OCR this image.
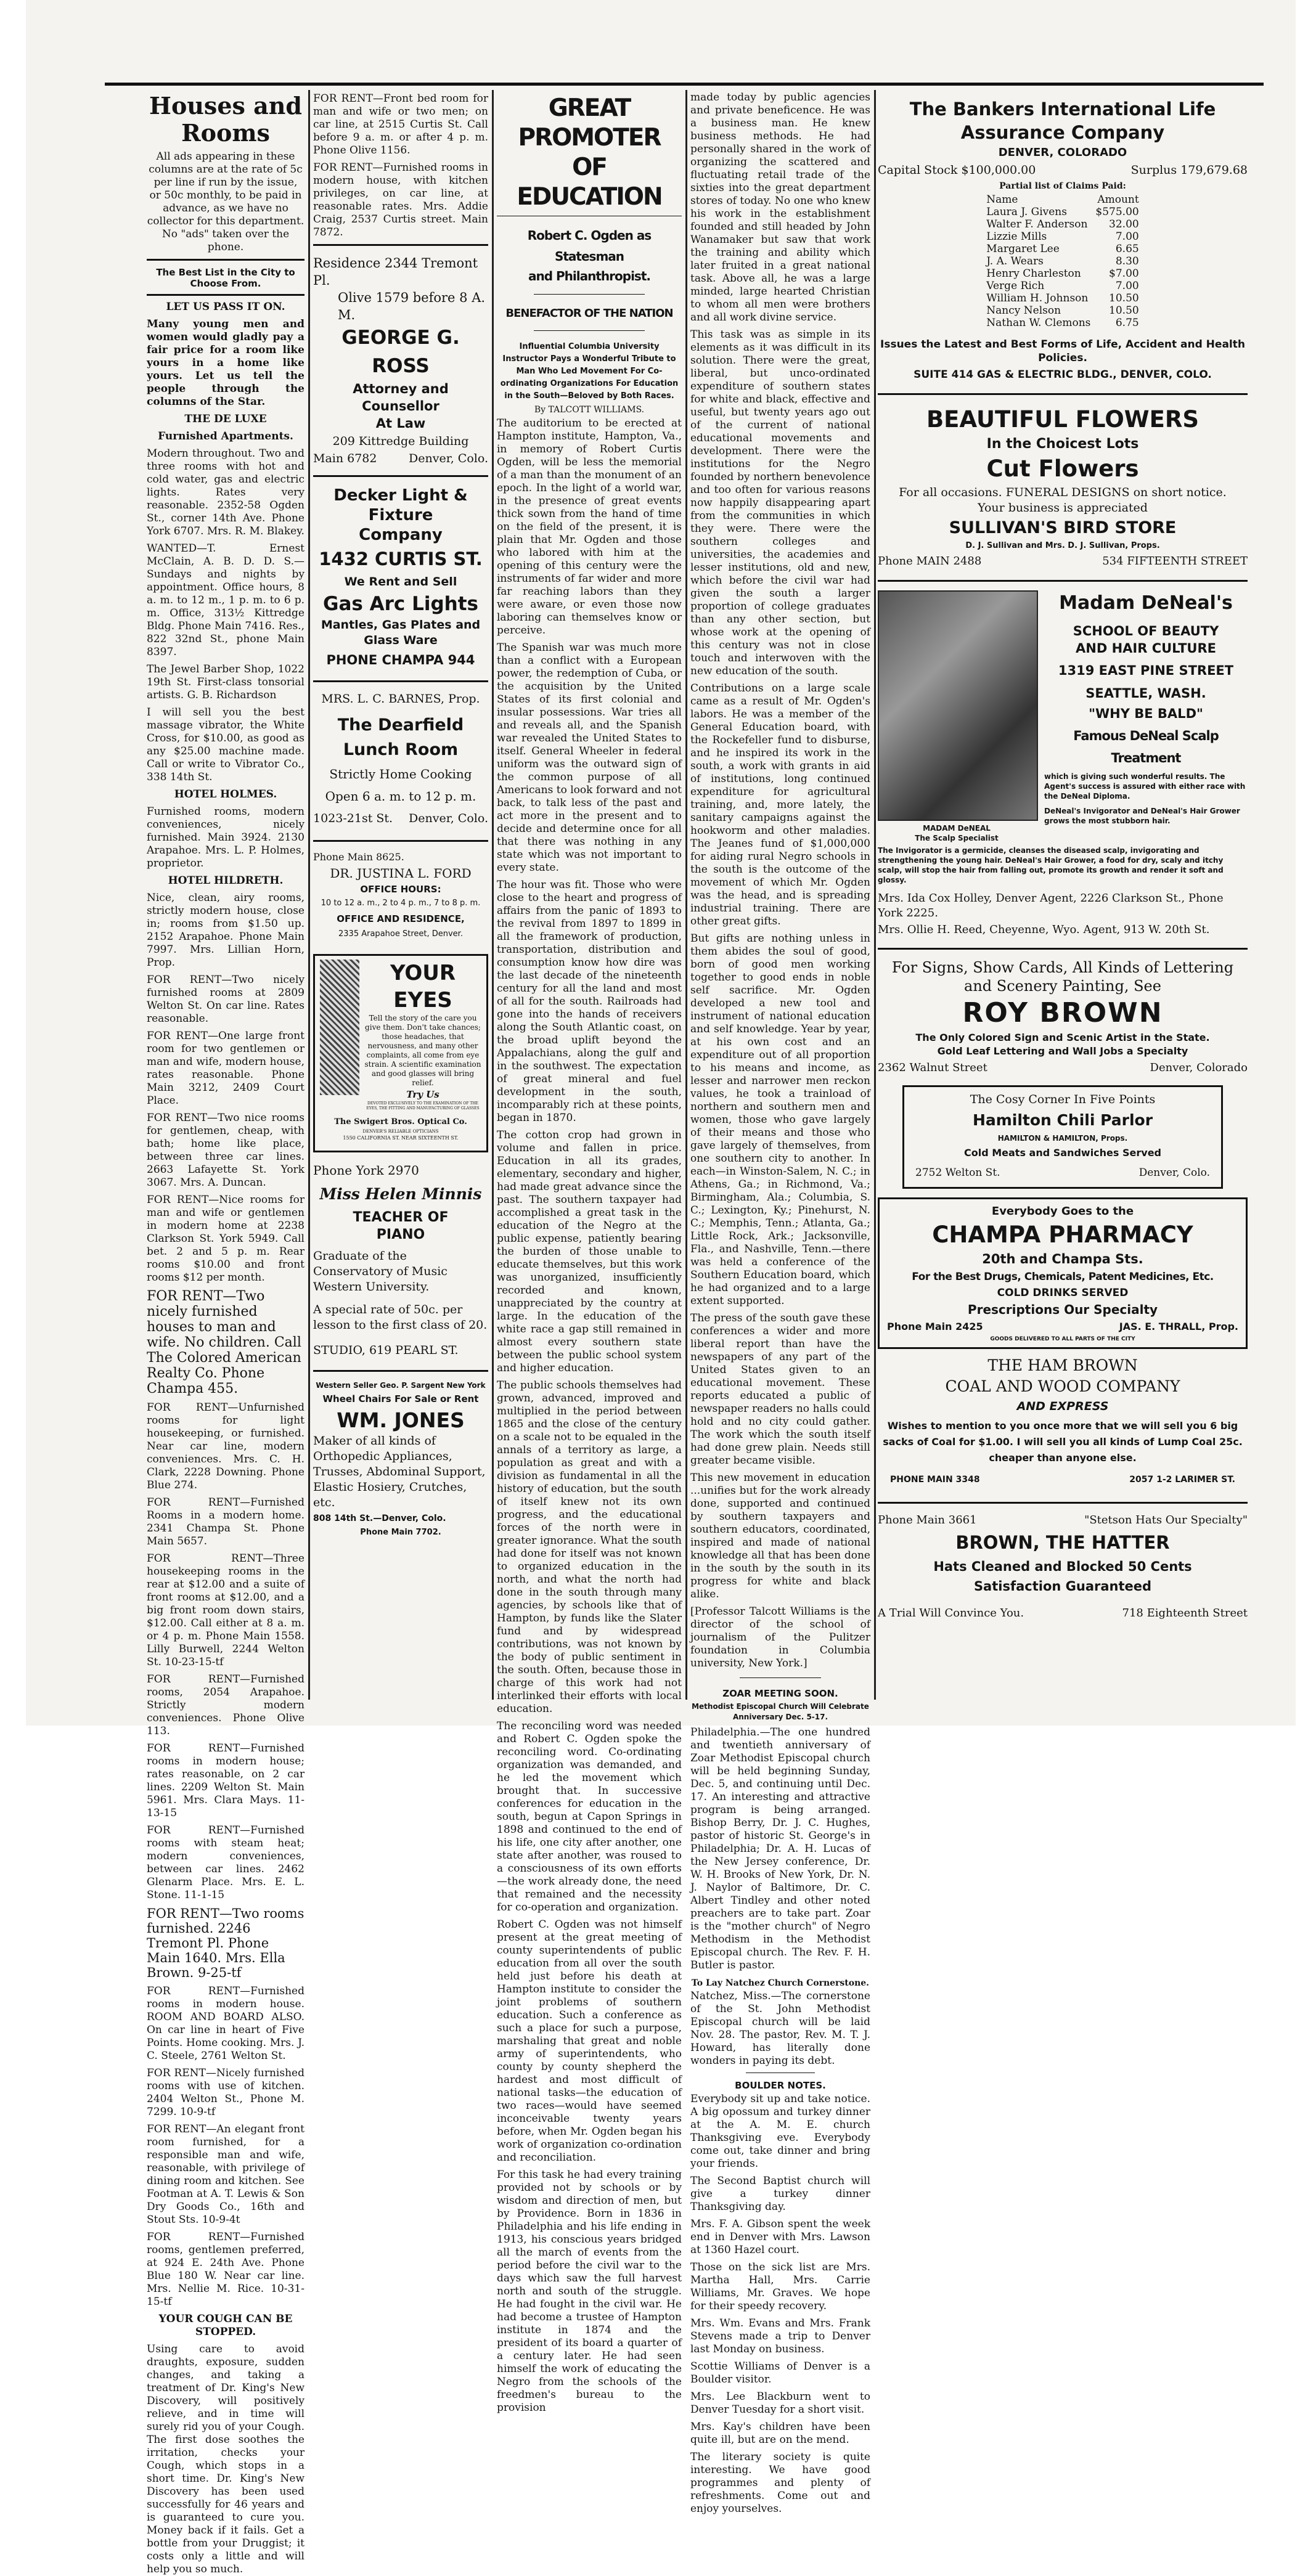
Houses and Rooms

All ads appearing in these columns are at the rate of 5c per line if run by the issue, or 50c monthly, to be paid in advance, as we have no collector for this department. No "ads" taken over the phone.

The Best List in the City to Choose From.

LET US PASS IT ON.

Many young men and women would gladly pay a fair price for a room like yours in a home like yours. Let us tell the people through the columns of the Star.

THE DE LUXE

Furnished Apartments.

Modern throughout. Two and three rooms with hot and cold water, gas and electric lights. Rates very reasonable. 2352-58 Ogden St., corner 14th Ave. Phone York 6707. Mrs. R. M. Blakey.

WANTED—T. Ernest McClain, A. B. D. D. S.—Sundays and nights by appointment. Office hours, 8 a. m. to 12 m., 1 p. m. to 6 p. m. Office, 313½ Kittredge Bldg. Phone Main 7416. Res., 822 32nd St., phone Main 8397.

The Jewel Barber Shop, 1022 19th St. First-class tonsorial artists. G. B. Richardson

I will sell you the best massage vibrator, the White Cross, for $10.00, as good as any $25.00 machine made. Call or write to Vibrator Co., 338 14th St.

HOTEL HOLMES.

Furnished rooms, modern conveniences, nicely furnished. Main 3924. 2130 Arapahoe. Mrs. L. P. Holmes, proprietor.

HOTEL HILDRETH.

Nice, clean, airy rooms, strictly modern house, close in; rooms from $1.50 up. 2152 Arapahoe. Phone Main 7997. Mrs. Lillian Horn, Prop.

FOR RENT—Two nicely furnished rooms at 2809 Welton St. On car line. Rates reasonable.

FOR RENT—One large front room for two gentlemen or man and wife, modern house, rates reasonable. Phone Main 3212, 2409 Court Place.

FOR RENT—Two nice rooms for gentlemen, cheap, with bath; home like place, between three car lines. 2663 Lafayette St. York 3067. Mrs. A. Duncan.

FOR RENT—Nice rooms for man and wife or gentlemen in modern home at 2238 Clarkson St. York 5949. Call bet. 2 and 5 p. m. Rear rooms $10.00 and front rooms $12 per month.

FOR RENT—Two nicely furnished houses to man and wife. No children. Call The Colored American Realty Co. Phone Champa 455.

FOR RENT—Unfurnished rooms for light housekeeping, or furnished. Near car line, modern conveniences. Mrs. C. H. Clark, 2228 Downing. Phone Blue 274.

FOR RENT—Furnished Rooms in a modern home. 2341 Champa St. Phone Main 5657.

FOR RENT—Three housekeeping rooms in the rear at $12.00 and a suite of front rooms at $12.00, and a big front room down stairs, $12.00. Call either at 8 a. m. or 4 p. m. Phone Main 1558. Lilly Burwell, 2244 Welton St. 10-23-15-tf

FOR RENT—Furnished rooms, 2054 Arapahoe. Strictly modern conveniences. Phone Olive 113.

FOR RENT—Furnished rooms in modern house; rates reasonable, on 2 car lines. 2209 Welton St. Main 5961. Mrs. Clara Mays. 11-13-15

FOR RENT—Furnished rooms with steam heat; modern conveniences, between car lines. 2462 Glenarm Place. Mrs. E. L. Stone. 11-1-15

FOR RENT—Two rooms furnished. 2246 Tremont Pl. Phone Main 1640. Mrs. Ella Brown. 9-25-tf

FOR RENT—Furnished rooms in modern house. ROOM AND BOARD ALSO. On car line in heart of Five Points. Home cooking. Mrs. J. C. Steele, 2761 Welton St.

FOR RENT—Nicely furnished rooms with use of kitchen. 2404 Welton St., Phone M. 7299. 10-9-tf

FOR RENT—An elegant front room furnished, for a responsible man and wife, reasonable, with privilege of dining room and kitchen. See Footman at A. T. Lewis & Son Dry Goods Co., 16th and Stout Sts. 10-9-4t

FOR RENT—Furnished rooms, gentlemen preferred, at 924 E. 24th Ave. Phone Blue 180 W. Near car line. Mrs. Nellie M. Rice. 10-31-15-tf

YOUR COUGH CAN BE STOPPED.

Using care to avoid draughts, exposure, sudden changes, and taking a treatment of Dr. King's New Discovery, will positively relieve, and in time will surely rid you of your Cough. The first dose soothes the irritation, checks your Cough, which stops in a short time. Dr. King's New Discovery has been used successfully for 46 years and is guaranteed to cure you. Money back if it fails. Get a bottle from your Druggist; it costs only a little and will help you so much.

FOR RENT—Front bed room for man and wife or two men; on car line, at 2515 Curtis St. Call before 9 a. m. or after 4 p. m. Phone Olive 1156.

FOR RENT—Furnished rooms in modern house, with kitchen privileges, on car line, at reasonable rates. Mrs. Addie Craig, 2537 Curtis street. Main 7872.

Residence 2344 Tremont Pl.

Olive 1579 before 8 A. M.

GEORGE G. ROSS

Attorney and Counsellor

At Law

209 Kittredge Building

Main 6782	Denver, Colo.

Decker Light & Fixture

Company

1432 CURTIS ST.

We Rent and Sell

Gas Arc Lights

Mantles, Gas Plates and

Glass Ware

PHONE CHAMPA 944

MRS. L. C. BARNES, Prop.

The Dearfield

Lunch Room

Strictly Home Cooking

Open 6 a. m. to 12 p. m.

1023-21st St. Denver, Colo.

Phone Main 8625.

DR. JUSTINA L. FORD

OFFICE HOURS:

10 to 12 a. m., 2 to 4 p. m., 7 to 8 p. m.

OFFICE AND RESIDENCE,

2335 Arapahoe Street, Denver.

YOUR EYES

Tell the story of the care you give them. Don't take chances; those headaches, that nervousness, and many other complaints, all come from eye strain. A scientific examination and good glasses will bring relief.

Try Us

DEVOTED EXCLUSIVELY TO THE EXAMINATION OF THE EYES, THE FITTING AND MANUFACTURING OF GLASSES

The Swigert Bros. Optical Co.

DENVER'S RELIABLE OPTICIANS

1550 CALIFORNIA ST. NEAR SIXTEENTH ST.

Phone York 2970

Miss Helen Minnis

TEACHER OF

PIANO

Graduate of the Conservatory of Music Western University.

A special rate of 50c. per lesson to the first class of 20.

STUDIO, 619 PEARL ST.

Western Seller Geo. P. Sargent New York

Wheel Chairs For Sale or Rent

WM. JONES

Maker of all kinds of Orthopedic Appliances, Trusses, Abdominal Support, Elastic Hosiery, Crutches, etc.

808 14th St.—Denver, Colo.

Phone Main 7702.

GREAT PROMOTER

OF EDUCATION

Robert C. Ogden as Statesman

and Philanthropist.

BENEFACTOR OF THE NATION

Influential Columbia University Instructor Pays a Wonderful Tribute to Man Who Led Movement For Co-ordinating Organizations For Education in the South—Beloved by Both Races.

By TALCOTT WILLIAMS.

The auditorium to be erected at Hampton institute, Hampton, Va., in memory of Robert Curtis Ogden, will be less the memorial of a man than the monument of an epoch. In the light of a world war, in the presence of great events thick sown from the hand of time on the field of the present, it is plain that Mr. Ogden and those who labored with him at the opening of this century were the instruments of far wider and more far reaching labors than they were aware, or even those now laboring can themselves know or perceive.

The Spanish war was much more than a conflict with a European power, the redemption of Cuba, or the acquisition by the United States of its first colonial and insular possessions. War tries all and reveals all, and the Spanish war revealed the United States to itself. General Wheeler in federal uniform was the outward sign of the common purpose of all Americans to look forward and not back, to talk less of the past and act more in the present and to decide and determine once for all that there was nothing in any state which was not important to every state.

The hour was fit. Those who were close to the heart and progress of affairs from the panic of 1893 to the revival from 1897 to 1899 in all the framework of production, transportation, distribution and consumption know how dire was the last decade of the nineteenth century for all the land and most of all for the south. Railroads had gone into the hands of receivers along the South Atlantic coast, on the broad uplift beyond the Appalachians, along the gulf and in the southwest. The expectation of great mineral and fuel development in the south, incomparably rich at these points, began in 1870.

The cotton crop had grown in volume and fallen in price. Education in all its grades, elementary, secondary and higher, had made great advance since the past. The southern taxpayer had accomplished a great task in the education of the Negro at the public expense, patiently bearing the burden of those unable to educate themselves, but this work was unorganized, insufficiently recorded and known, unappreciated by the country at large. In the education of the white race a gap still remained in almost every southern state between the public school system and higher education.

The public schools themselves had grown, advanced, improved and multiplied in the period between 1865 and the close of the century on a scale not to be equaled in the annals of a territory as large, a population as great and with a division as fundamental in all the history of education, but the south of itself knew not its own progress, and the educational forces of the north were in greater ignorance. What the south had done for itself was not known to organized education in the north, and what the north had done in the south through many agencies, by schools like that of Hampton, by funds like the Slater fund and by widespread contributions, was not known by the body of public sentiment in the south. Often, because those in charge of this work had not interlinked their efforts with local education.

The reconciling word was needed and Robert C. Ogden spoke the reconciling word. Co-ordinating organization was demanded, and he led the movement which brought that. In successive conferences for education in the south, begun at Capon Springs in 1898 and continued to the end of his life, one city after another, one state after another, was roused to a consciousness of its own efforts—the work already done, the need that remained and the necessity for co-operation and organization.

Robert C. Ogden was not himself present at the great meeting of county superintendents of public education from all over the south held just before his death at Hampton institute to consider the joint problems of southern education. Such a conference as such a place for such a purpose, marshaling that great and noble army of superintendents, who county by county shepherd the hardest and most difficult of national tasks—the education of two races—would have seemed inconceivable twenty years before, when Mr. Ogden began his work of organization co-ordination and reconciliation.

For this task he had every training provided not by schools or by wisdom and direction of men, but by Providence. Born in 1836 in Philadelphia and his life ending in 1913, his conscious years bridged all the march of events from the period before the civil war to the days which saw the full harvest north and south of the struggle. He had fought in the civil war. He had become a trustee of Hampton institute in 1874 and the president of its board a quarter of a century later. He had seen himself the work of educating the Negro from the schools of the freedmen's bureau to the provision

made today by public agencies and private beneficence. He was a business man. He knew business methods. He had personally shared in the work of organizing the scattered and fluctuating retail trade of the sixties into the great department stores of today. No one who knew his work in the establishment founded and still headed by John Wanamaker but saw that work the training and ability which later fruited in a great national task. Above all, he was a large minded, large hearted Christian to whom all men were brothers and all work divine service.

This task was as simple in its elements as it was difficult in its solution. There were the great, liberal, but unco-ordinated expenditure of southern states for white and black, effective and useful, but twenty years ago out of the current of national educational movements and development. There were the institutions for the Negro founded by northern benevolence and too often for various reasons now happily disappearing apart from the communities in which they were. There were the southern colleges and universities, the academies and lesser institutions, old and new, which before the civil war had given the south a larger proportion of college graduates than any other section, but whose work at the opening of this century was not in close touch and interwoven with the new education of the south.

Contributions on a large scale came as a result of Mr. Ogden's labors. He was a member of the General Education board, with the Rockefeller fund to disburse, and he inspired its work in the south, a work with grants in aid of institutions, long continued expenditure for agricultural training, and, more lately, the sanitary campaigns against the hookworm and other maladies. The Jeanes fund of $1,000,000 for aiding rural Negro schools in the south is the outcome of the movement of which Mr. Ogden was the head, and is spreading industrial training. There are other great gifts.

But gifts are nothing unless in them abides the soul of good, born of good men working together to good ends in noble self sacrifice. Mr. Ogden developed a new tool and instrument of national education and self knowledge. Year by year, at his own cost and an expenditure out of all proportion to his means and income, as lesser and narrower men reckon values, he took a trainload of northern and southern men and women, those who gave largely of their means and those who gave largely of themselves, from one southern city to another. In each—in Winston-Salem, N. C.; in Athens, Ga.; in Richmond, Va.; Birmingham, Ala.; Columbia, S. C.; Lexington, Ky.; Pinehurst, N. C.; Memphis, Tenn.; Atlanta, Ga.; Little Rock, Ark.; Jacksonville, Fla., and Nashville, Tenn.—there was held a conference of the Southern Education board, which he had organized and to a large extent supported.

The press of the south gave these conferences a wider and more liberal report than have the newspapers of any part of the United States given to an educational movement. These reports educated a public of newspaper readers no halls could hold and no city could gather. The work which the south itself had done grew plain. Needs still greater became visible.

This new movement in education ...unifies but for the work already done, supported and continued by southern taxpayers and southern educators, coordinated, inspired and made of national knowledge all that has been done in the south by the south in its progress for white and black alike.

[Professor Talcott Williams is the director of the school of journalism of the Pulitzer foundation in Columbia university, New York.]

ZOAR MEETING SOON.

Methodist Episcopal Church Will Celebrate Anniversary Dec. 5-17.

Philadelphia.—The one hundred and twentieth anniversary of Zoar Methodist Episcopal church will be held beginning Sunday, Dec. 5, and continuing until Dec. 17. An interesting and attractive program is being arranged. Bishop Berry, Dr. J. C. Hughes, pastor of historic St. George's in Philadelphia; Dr. A. H. Lucas of the New Jersey conference, Dr. W. H. Brooks of New York, Dr. N. J. Naylor of Baltimore, Dr. C. Albert Tindley and other noted preachers are to take part. Zoar is the "mother church" of Negro Methodism in the Methodist Episcopal church. The Rev. F. H. Butler is pastor.

To Lay Natchez Church Cornerstone.

Natchez, Miss.—The cornerstone of the St. John Methodist Episcopal church will be laid Nov. 28. The pastor, Rev. M. T. J. Howard, has literally done wonders in paying its debt.

BOULDER NOTES.

Everybody sit up and take notice. A big opossum and turkey dinner at the A. M. E. church Thanksgiving eve. Everybody come out, take dinner and bring your friends.

The Second Baptist church will give a turkey dinner Thanksgiving day.

Mrs. F. A. Gibson spent the week end in Denver with Mrs. Lawson at 1360 Hazel court.

Those on the sick list are Mrs. Martha Hall, Mrs. Carrie Williams, Mr. Graves. We hope for their speedy recovery.

Mrs. Wm. Evans and Mrs. Frank Stevens made a trip to Denver last Monday on business.

Scottie Williams of Denver is a Boulder visitor.

Mrs. Lee Blackburn went to Denver Tuesday for a short visit.

Mrs. Kay's children have been quite ill, but are on the mend.

The literary society is quite interesting. We have good programmes and plenty of refreshments. Come out and enjoy yourselves.

The Bankers International Life

Assurance Company

DENVER, COLORADO

Capital Stock $100,000.00	Surplus 179,679.68

Partial list of Claims Paid:

Name	Amount
Laura J. Givens	$575.00
Walter F. Anderson	32.00
Lizzie Mills	7.00
Margaret Lee	6.65
J. A. Wears	8.30
Henry Charleston	$7.00
Verge Rich	7.00
William H. Johnson	10.50
Nancy Nelson	10.50
Nathan W. Clemons	6.75

Issues the Latest and Best Forms of Life, Accident and Health Policies.

SUITE 414 GAS & ELECTRIC BLDG., DENVER, COLO.

BEAUTIFUL FLOWERS

In the Choicest Lots

Cut Flowers

For all occasions. FUNERAL DESIGNS on short notice.

Your business is appreciated

SULLIVAN'S BIRD STORE

D. J. Sullivan and Mrs. D. J. Sullivan, Props.

Phone MAIN 2488	534 FIFTEENTH STREET

MADAM DeNEAL

The Scalp Specialist

Madam DeNeal's

SCHOOL OF BEAUTY

AND HAIR CULTURE

1319 EAST PINE STREET

SEATTLE, WASH.

"WHY BE BALD"

Famous DeNeal Scalp Treatment

which is giving such wonderful results. The Agent's success is assured with either race with the DeNeal Diploma.

DeNeal's Invigorator and DeNeal's Hair Grower grows the most stubborn hair.

The Invigorator is a germicide, cleanses the diseased scalp, invigorating and strengthening the young hair. DeNeal's Hair Grower, a food for dry, scaly and itchy scalp, will stop the hair from falling out, promote its growth and render it soft and glossy.

Mrs. Ida Cox Holley, Denver Agent, 2226 Clarkson St., Phone York 2225.

Mrs. Ollie H. Reed, Cheyenne, Wyo. Agent, 913 W. 20th St.

For Signs, Show Cards, All Kinds of Lettering

and Scenery Painting, See

ROY BROWN

The Only Colored Sign and Scenic Artist in the State.

Gold Leaf Lettering and Wall Jobs a Specialty

2362 Walnut Street	Denver, Colorado

The Cosy Corner In Five Points

Hamilton Chili Parlor

HAMILTON & HAMILTON, Props.

Cold Meats and Sandwiches Served

2752 Welton St.	Denver, Colo.

Everybody Goes to the

CHAMPA PHARMACY

20th and Champa Sts.

For the Best Drugs, Chemicals, Patent Medicines, Etc.

COLD DRINKS SERVED

Prescriptions Our Specialty

Phone Main 2425	JAS. E. THRALL, Prop.

GOODS DELIVERED TO ALL PARTS OF THE CITY

THE HAM BROWN

COAL AND WOOD COMPANY

AND EXPRESS

Wishes to mention to you once more that we will sell you 6 big sacks of Coal for $1.00. I will sell you all kinds of Lump Coal 25c. cheaper than anyone else.

PHONE MAIN 3348	2057 1-2 LARIMER ST.
Phone Main 3661	"Stetson Hats Our Specialty"

BROWN, THE HATTER

Hats Cleaned and Blocked 50 Cents

Satisfaction Guaranteed

A Trial Will Convince You.	718 Eighteenth Street
